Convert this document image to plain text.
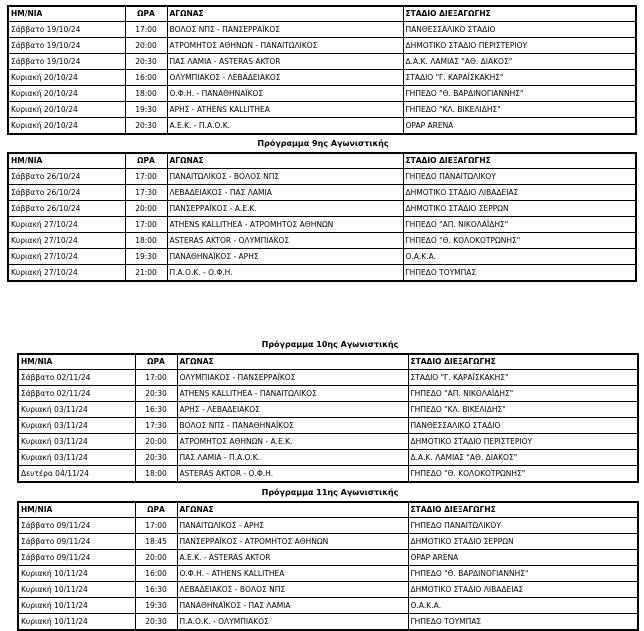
ΗΜ/ΝΙΑ	ΩΡΑ	ΑΓΩΝΑΣ	ΣΤΑΔΙΟ ΔΙΕΞΑΓΩΓΗΣ
Σάββατο 19/10/24	17:00	ΒΟΛΟΣ ΝΠΣ - ΠΑΝΣΕΡΡΑΪΚΟΣ	ΠΑΝΘΕΣΣΑΛΙΚΟ ΣΤΑΔΙΟ
Σάββατο 19/10/24	20:00	ΑΤΡΟΜΗΤΟΣ ΑΘΗΝΩΝ - ΠΑΝΑΙΤΩΛΙΚΟΣ	ΔΗΜΟΤΙΚΟ ΣΤΑΔΙΟ ΠΕΡΙΣΤΕΡΙΟΥ
Σάββατο 19/10/24	20:30	ΠΑΣ ΛΑΜΙΑ - ASTERAS AKTOR	Δ.Α.Κ. ΛΑΜΙΑΣ "ΑΘ. ΔΙΑΚΟΣ"
Κυριακή 20/10/24	16:00	ΟΛΥΜΠΙΑΚΟΣ - ΛΕΒΑΔΕΙΑΚΟΣ	ΣΤΑΔΙΟ "Γ. ΚΑΡΑΪΣΚΑΚΗΣ"
Κυριακή 20/10/24	18:00	Ο.Φ.Η. - ΠΑΝΑΘΗΝΑΪΚΟΣ	ΓΗΠΕΔΟ "Θ. ΒΑΡΔΙΝΟΓΙΑΝΝΗΣ"
Κυριακή 20/10/24	19:30	ΑΡΗΣ - ATHENS KALLITHEA	ΓΗΠΕΔΟ "ΚΛ. ΒΙΚΕΛΙΔΗΣ"
Κυριακή 20/10/24	20:30	Α.Ε.Κ. - Π.Α.Ο.Κ.	OPAP ARENA
Πρόγραμμα 9ης Αγωνιστικής
ΗΜ/ΝΙΑ	ΩΡΑ	ΑΓΩΝΑΣ	ΣΤΑΔΙΟ ΔΙΕΞΑΓΩΓΗΣ
Σάββατο 26/10/24	17:00	ΠΑΝΑΙΤΩΛΙΚΟΣ - ΒΟΛΟΣ ΝΠΣ	ΓΗΠΕΔΟ ΠΑΝΑΙΤΩΛΙΚΟΥ
Σάββατο 26/10/24	17:30	ΛΕΒΑΔΕΙΑΚΟΣ - ΠΑΣ ΛΑΜΙΑ	ΔΗΜΟΤΙΚΟ ΣΤΑΔΙΟ ΛΙΒΑΔΕΙΑΣ
Σάββατο 26/10/24	20:00	ΠΑΝΣΕΡΡΑΪΚΟΣ - Α.Ε.Κ.	ΔΗΜΟΤΙΚΟ ΣΤΑΔΙΟ ΣΕΡΡΩΝ
Κυριακή 27/10/24	17:00	ATHENS KALLITHEA - ΑΤΡΟΜΗΤΟΣ ΑΘΗΝΩΝ	ΓΗΠΕΔΟ "ΑΠ. ΝΙΚΟΛΑΪΔΗΣ"
Κυριακή 27/10/24	18:00	ASTERAS AKTOR - ΟΛΥΜΠΙΑΚΟΣ	ΓΗΠΕΔΟ "Θ. ΚΟΛΟΚΟΤΡΩΝΗΣ"
Κυριακή 27/10/24	19:30	ΠΑΝΑΘΗΝΑΪΚΟΣ - ΑΡΗΣ	Ο.Α.Κ.Α.
Κυριακή 27/10/24	21:00	Π.Α.Ο.Κ. - Ο.Φ.Η.	ΓΗΠΕΔΟ ΤΟΥΜΠΑΣ
Πρόγραμμα 10ης Αγωνιστικής
ΗΜ/ΝΙΑ	ΩΡΑ	ΑΓΩΝΑΣ	ΣΤΑΔΙΟ ΔΙΕΞΑΓΩΓΗΣ
Σάββατο 02/11/24	17:00	ΟΛΥΜΠΙΑΚΟΣ - ΠΑΝΣΕΡΡΑΪΚΟΣ	ΣΤΑΔΙΟ "Γ. ΚΑΡΑΪΣΚΑΚΗΣ"
Σάββατο 02/11/24	20:30	ATHENS KALLITHEA - ΠΑΝΑΙΤΩΛΙΚΟΣ	ΓΗΠΕΔΟ "ΑΠ. ΝΙΚΟΛΑΪΔΗΣ"
Κυριακή 03/11/24	16:30	ΑΡΗΣ - ΛΕΒΑΔΕΙΑΚΟΣ	ΓΗΠΕΔΟ "ΚΛ. ΒΙΚΕΛΙΔΗΣ"
Κυριακή 03/11/24	17:30	ΒΟΛΟΣ ΝΠΣ - ΠΑΝΑΘΗΝΑΪΚΟΣ	ΠΑΝΘΕΣΣΑΛΙΚΟ ΣΤΑΔΙΟ
Κυριακή 03/11/24	20:00	ΑΤΡΟΜΗΤΟΣ ΑΘΗΝΩΝ - Α.Ε.Κ.	ΔΗΜΟΤΙΚΟ ΣΤΑΔΙΟ ΠΕΡΙΣΤΕΡΙΟΥ
Κυριακή 03/11/24	20:30	ΠΑΣ ΛΑΜΙΑ - Π.Α.Ο.Κ.	Δ.Α.Κ. ΛΑΜΙΑΣ "ΑΘ. ΔΙΑΚΟΣ"
Δευτέρα 04/11/24	18:00	ASTERAS AKTOR - Ο.Φ.Η.	ΓΗΠΕΔΟ "Θ. ΚΟΛΟΚΟΤΡΩΝΗΣ"
Πρόγραμμα 11ης Αγωνιστικής
ΗΜ/ΝΙΑ	ΩΡΑ	ΑΓΩΝΑΣ	ΣΤΑΔΙΟ ΔΙΕΞΑΓΩΓΗΣ
Σάββατο 09/11/24	17:00	ΠΑΝΑΙΤΩΛΙΚΟΣ - ΑΡΗΣ	ΓΗΠΕΔΟ ΠΑΝΑΙΤΩΛΙΚΟΥ
Σάββατο 09/11/24	18:45	ΠΑΝΣΕΡΡΑΪΚΟΣ - ΑΤΡΟΜΗΤΟΣ ΑΘΗΝΩΝ	ΔΗΜΟΤΙΚΟ ΣΤΑΔΙΟ ΣΕΡΡΩΝ
Σάββατο 09/11/24	20:00	Α.Ε.Κ. - ASTERAS AKTOR	OPAP ARENA
Κυριακή 10/11/24	16:00	Ο.Φ.Η. - ATHENS KALLITHEA	ΓΗΠΕΔΟ "Θ. ΒΑΡΔΙΝΟΓΙΑΝΝΗΣ"
Κυριακή 10/11/24	16:30	ΛΕΒΑΔΕΙΑΚΟΣ - ΒΟΛΟΣ ΝΠΣ	ΔΗΜΟΤΙΚΟ ΣΤΑΔΙΟ ΛΙΒΑΔΕΙΑΣ
Κυριακή 10/11/24	19:30	ΠΑΝΑΘΗΝΑΪΚΟΣ - ΠΑΣ ΛΑΜΙΑ	Ο.Α.Κ.Α.
Κυριακή 10/11/24	20:30	Π.Α.Ο.Κ. - ΟΛΥΜΠΙΑΚΟΣ	ΓΗΠΕΔΟ ΤΟΥΜΠΑΣ
